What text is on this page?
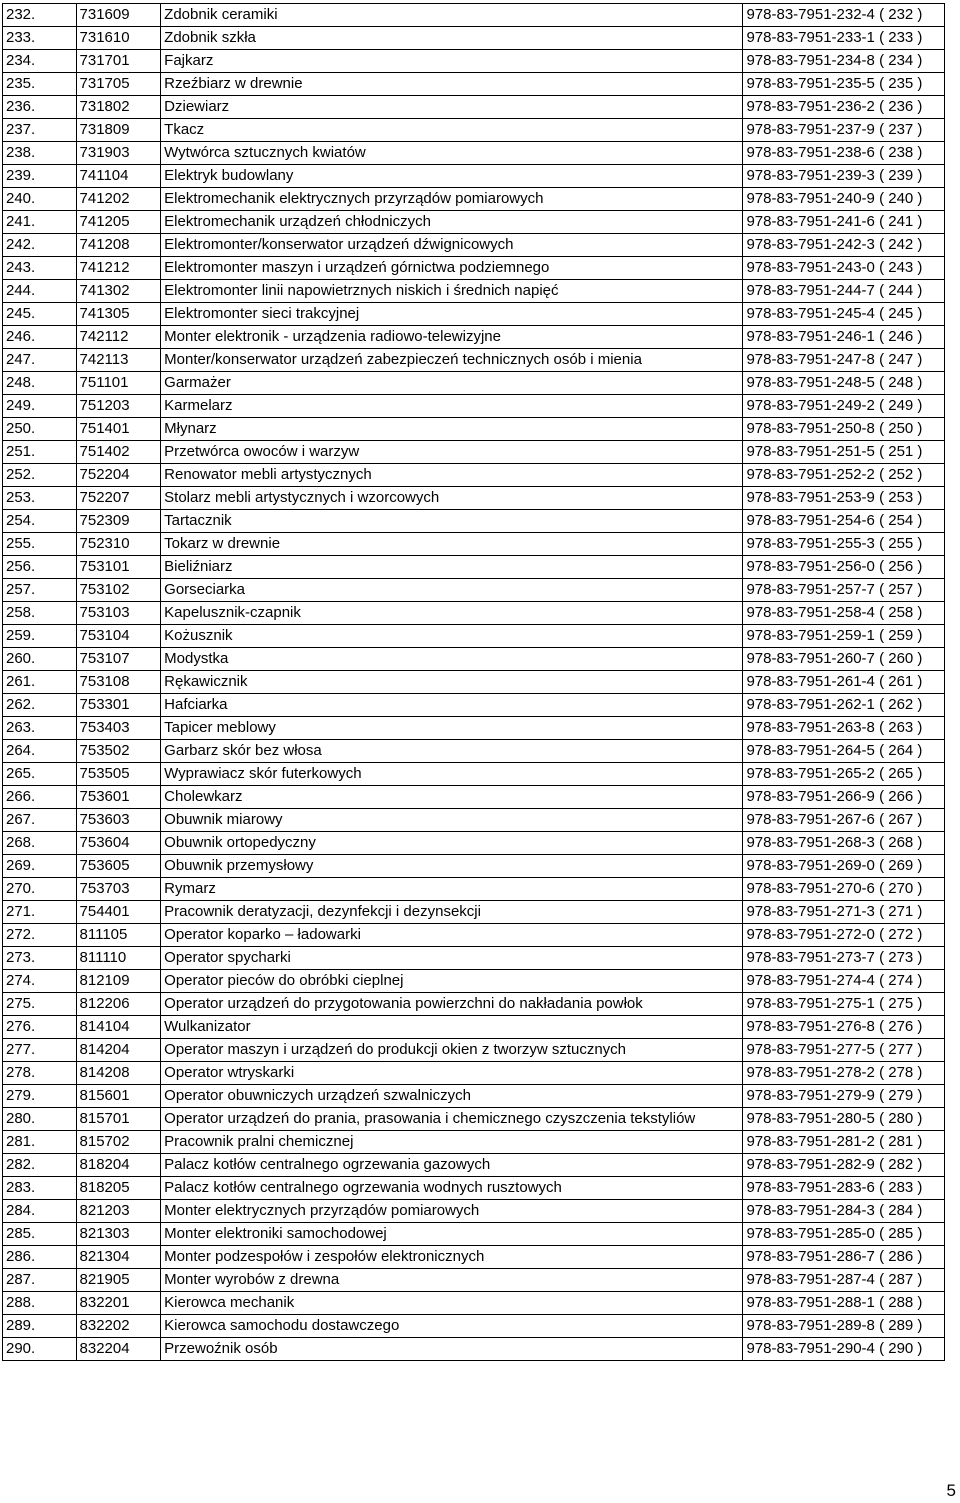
232.	731609	Zdobnik ceramiki	978-83-7951-232-4 ( 232 )
233.	731610	Zdobnik szkła	978-83-7951-233-1 ( 233 )
234.	731701	Fajkarz	978-83-7951-234-8 ( 234 )
235.	731705	Rzeźbiarz w drewnie	978-83-7951-235-5 ( 235 )
236.	731802	Dziewiarz	978-83-7951-236-2 ( 236 )
237.	731809	Tkacz	978-83-7951-237-9 ( 237 )
238.	731903	Wytwórca sztucznych kwiatów	978-83-7951-238-6 ( 238 )
239.	741104	Elektryk budowlany	978-83-7951-239-3 ( 239 )
240.	741202	Elektromechanik elektrycznych przyrządów pomiarowych	978-83-7951-240-9 ( 240 )
241.	741205	Elektromechanik urządzeń chłodniczych	978-83-7951-241-6 ( 241 )
242.	741208	Elektromonter/konserwator urządzeń dźwignicowych	978-83-7951-242-3 ( 242 )
243.	741212	Elektromonter maszyn i urządzeń górnictwa podziemnego	978-83-7951-243-0 ( 243 )
244.	741302	Elektromonter linii napowietrznych niskich i średnich napięć	978-83-7951-244-7 ( 244 )
245.	741305	Elektromonter sieci trakcyjnej	978-83-7951-245-4 ( 245 )
246.	742112	Monter elektronik - urządzenia radiowo-telewizyjne	978-83-7951-246-1 ( 246 )
247.	742113	Monter/konserwator urządzeń zabezpieczeń technicznych osób i mienia	978-83-7951-247-8 ( 247 )
248.	751101	Garmażer	978-83-7951-248-5 ( 248 )
249.	751203	Karmelarz	978-83-7951-249-2 ( 249 )
250.	751401	Młynarz	978-83-7951-250-8 ( 250 )
251.	751402	Przetwórca owoców i warzyw	978-83-7951-251-5 ( 251 )
252.	752204	Renowator mebli artystycznych	978-83-7951-252-2 ( 252 )
253.	752207	Stolarz mebli artystycznych i wzorcowych	978-83-7951-253-9 ( 253 )
254.	752309	Tartacznik	978-83-7951-254-6 ( 254 )
255.	752310	Tokarz w drewnie	978-83-7951-255-3 ( 255 )
256.	753101	Bieliźniarz	978-83-7951-256-0 ( 256 )
257.	753102	Gorseciarka	978-83-7951-257-7 ( 257 )
258.	753103	Kapelusznik-czapnik	978-83-7951-258-4 ( 258 )
259.	753104	Kożusznik	978-83-7951-259-1 ( 259 )
260.	753107	Modystka	978-83-7951-260-7 ( 260 )
261.	753108	Rękawicznik	978-83-7951-261-4 ( 261 )
262.	753301	Hafciarka	978-83-7951-262-1 ( 262 )
263.	753403	Tapicer meblowy	978-83-7951-263-8 ( 263 )
264.	753502	Garbarz skór bez włosa	978-83-7951-264-5 ( 264 )
265.	753505	Wyprawiacz skór futerkowych	978-83-7951-265-2 ( 265 )
266.	753601	Cholewkarz	978-83-7951-266-9 ( 266 )
267.	753603	Obuwnik miarowy	978-83-7951-267-6 ( 267 )
268.	753604	Obuwnik ortopedyczny	978-83-7951-268-3 ( 268 )
269.	753605	Obuwnik przemysłowy	978-83-7951-269-0 ( 269 )
270.	753703	Rymarz	978-83-7951-270-6 ( 270 )
271.	754401	Pracownik deratyzacji, dezynfekcji i dezynsekcji	978-83-7951-271-3 ( 271 )
272.	811105	Operator koparko – ładowarki	978-83-7951-272-0 ( 272 )
273.	811110	Operator spycharki	978-83-7951-273-7 ( 273 )
274.	812109	Operator pieców do obróbki cieplnej	978-83-7951-274-4 ( 274 )
275.	812206	Operator urządzeń do przygotowania powierzchni do nakładania powłok	978-83-7951-275-1 ( 275 )
276.	814104	Wulkanizator	978-83-7951-276-8 ( 276 )
277.	814204	Operator maszyn i urządzeń do produkcji okien z tworzyw sztucznych	978-83-7951-277-5 ( 277 )
278.	814208	Operator wtryskarki	978-83-7951-278-2 ( 278 )
279.	815601	Operator obuwniczych urządzeń szwalniczych	978-83-7951-279-9 ( 279 )
280.	815701	Operator urządzeń do prania, prasowania i chemicznego czyszczenia tekstyliów	978-83-7951-280-5 ( 280 )
281.	815702	Pracownik pralni chemicznej	978-83-7951-281-2 ( 281 )
282.	818204	Palacz kotłów centralnego ogrzewania gazowych	978-83-7951-282-9 ( 282 )
283.	818205	Palacz kotłów centralnego ogrzewania wodnych rusztowych	978-83-7951-283-6 ( 283 )
284.	821203	Monter elektrycznych przyrządów pomiarowych	978-83-7951-284-3 ( 284 )
285.	821303	Monter elektroniki samochodowej	978-83-7951-285-0 ( 285 )
286.	821304	Monter podzespołów i zespołów elektronicznych	978-83-7951-286-7 ( 286 )
287.	821905	Monter wyrobów z drewna	978-83-7951-287-4 ( 287 )
288.	832201	Kierowca mechanik	978-83-7951-288-1 ( 288 )
289.	832202	Kierowca samochodu dostawczego	978-83-7951-289-8 ( 289 )
290.	832204	Przewoźnik osób	978-83-7951-290-4 ( 290 )
5
